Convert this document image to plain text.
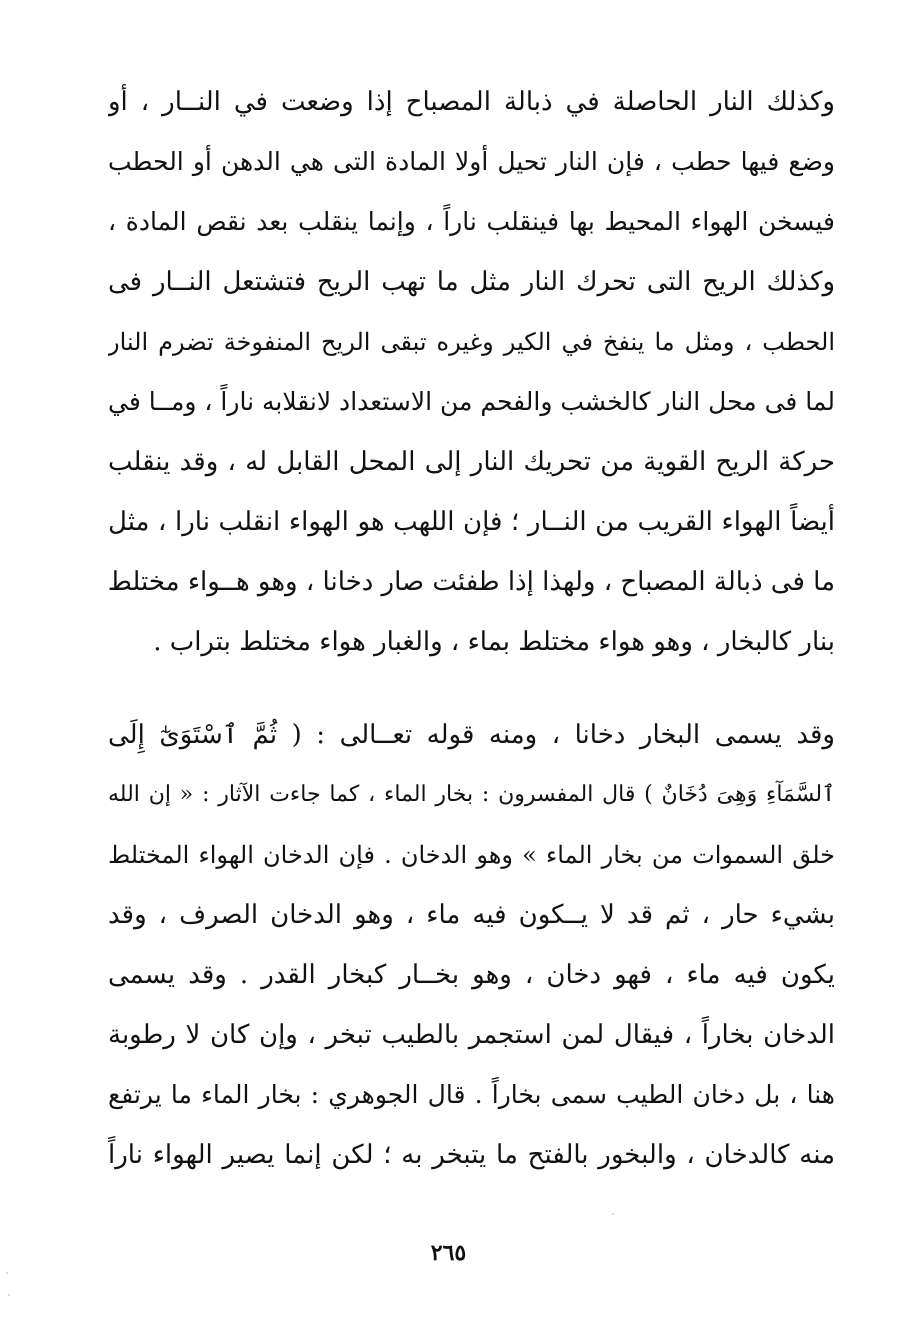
وكذلك النار الحاصلة في ذبالة المصباح إذا وضعت في النــار ، أو
وضع فيها حطب ، فإن النار تحيل أولا المادة التى هي الدهن أو الحطب
فيسخن الهواء المحيط بها فينقلب ناراً ، وإنما ينقلب بعد نقص المادة ،
وكذلك الريح التى تحرك النار مثل ما تهب الريح فتشتعل النــار فى
الحطب ، ومثل ما ينفخ في الكير وغيره تبقى الريح المنفوخة تضرم النار
لما فى محل النار كالخشب والفحم من الاستعداد لانقلابه ناراً ، ومــا في
حركة الريح القوية من تحريك النار إلى المحل القابل له ، وقد ينقلب
أيضاً الهواء القريب من النــار ؛ فإن اللهب هو الهواء انقلب نارا ، مثل
ما فى ذبالة المصباح ، ولهذا إذا طفئت صار دخانا ، وهو هــواء مختلط
بنار كالبخار ، وهو هواء مختلط بماء ، والغبار هواء مختلط بتراب .
وقد يسمى البخار دخانا ، ومنه قوله تعــالى : ( ثُمَّ ٱسْتَوَىٰٓ إِلَى
ٱلسَّمَآءِ وَهِىَ دُخَانٌ ) قال المفسرون : بخار الماء ، كما جاءت الآثار : « إن الله
خلق السموات من بخار الماء » وهو الدخان . فإن الدخان الهواء المختلط
بشيء حار ، ثم قد لا يــكون فيه ماء ، وهو الدخان الصرف ، وقد
يكون فيه ماء ، فهو دخان ، وهو بخــار كبخار القدر . وقد يسمى
الدخان بخاراً ، فيقال لمن استجمر بالطيب تبخر ، وإن كان لا رطوبة
هنا ، بل دخان الطيب سمى بخاراً . قال الجوهري : بخار الماء ما يرتفع
منه كالدخان ، والبخور بالفتح ما يتبخر به ؛ لكن إنما يصير الهواء ناراً
٢٦٥
